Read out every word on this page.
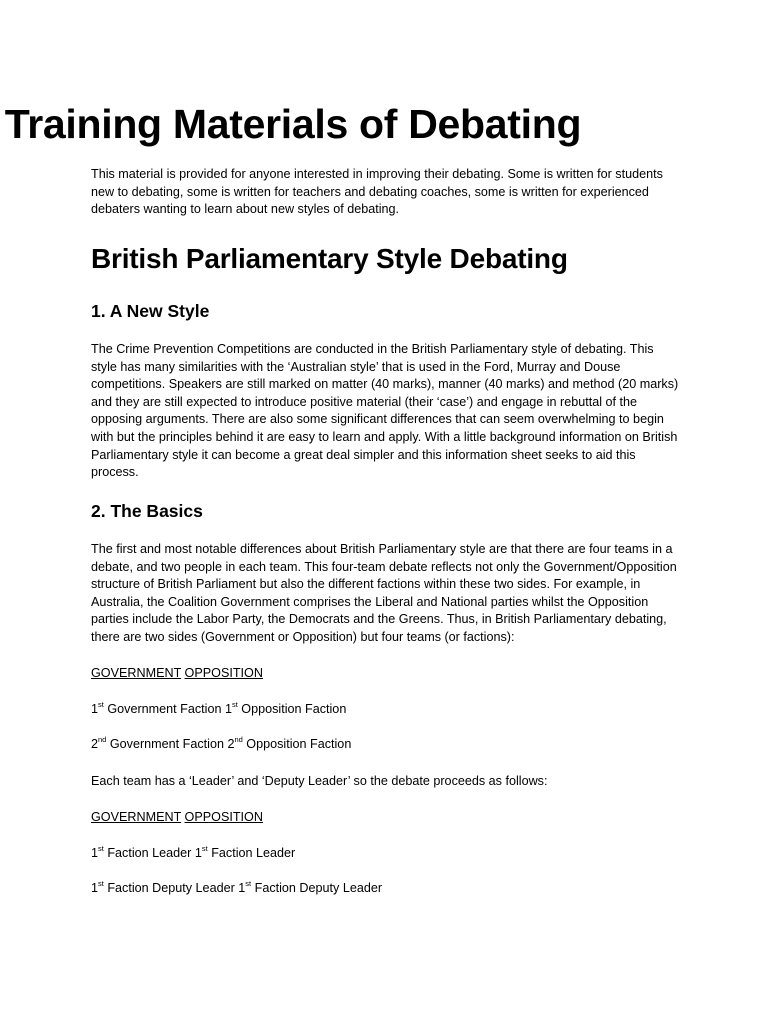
Training Materials of Debating

This material is provided for anyone interested in improving their debating. Some is written for students new to debating, some is written for teachers and debating coaches, some is written for experienced debaters wanting to learn about new styles of debating.

British Parliamentary Style Debating
1. A New Style

The Crime Prevention Competitions are conducted in the British Parliamentary style of debating. This style has many similarities with the ‘Australian style’ that is used in the Ford, Murray and Douse competitions. Speakers are still marked on matter (40 marks), manner (40 marks) and method (20 marks) and they are still expected to introduce positive material (their ‘case’) and engage in rebuttal of the opposing arguments. There are also some significant differences that can seem overwhelming to begin with but the principles behind it are easy to learn and apply. With a little background information on British Parliamentary style it can become a great deal simpler and this information sheet seeks to aid this process.

2. The Basics

The first and most notable differences about British Parliamentary style are that there are four teams in a debate, and two people in each team. This four-team debate reflects not only the Government/Opposition structure of British Parliament but also the different factions within these two sides. For example, in Australia, the Coalition Government comprises the Liberal and National parties whilst the Opposition parties include the Labor Party, the Democrats and the Greens. Thus, in British Parliamentary debating, there are two sides (Government or Opposition) but four teams (or factions):

GOVERNMENT OPPOSITION

1st Government Faction 1st Opposition Faction

2nd Government Faction 2nd Opposition Faction

Each team has a ‘Leader’ and ‘Deputy Leader’ so the debate proceeds as follows:

GOVERNMENT OPPOSITION

1st Faction Leader 1st Faction Leader

1st Faction Deputy Leader 1st Faction Deputy Leader
